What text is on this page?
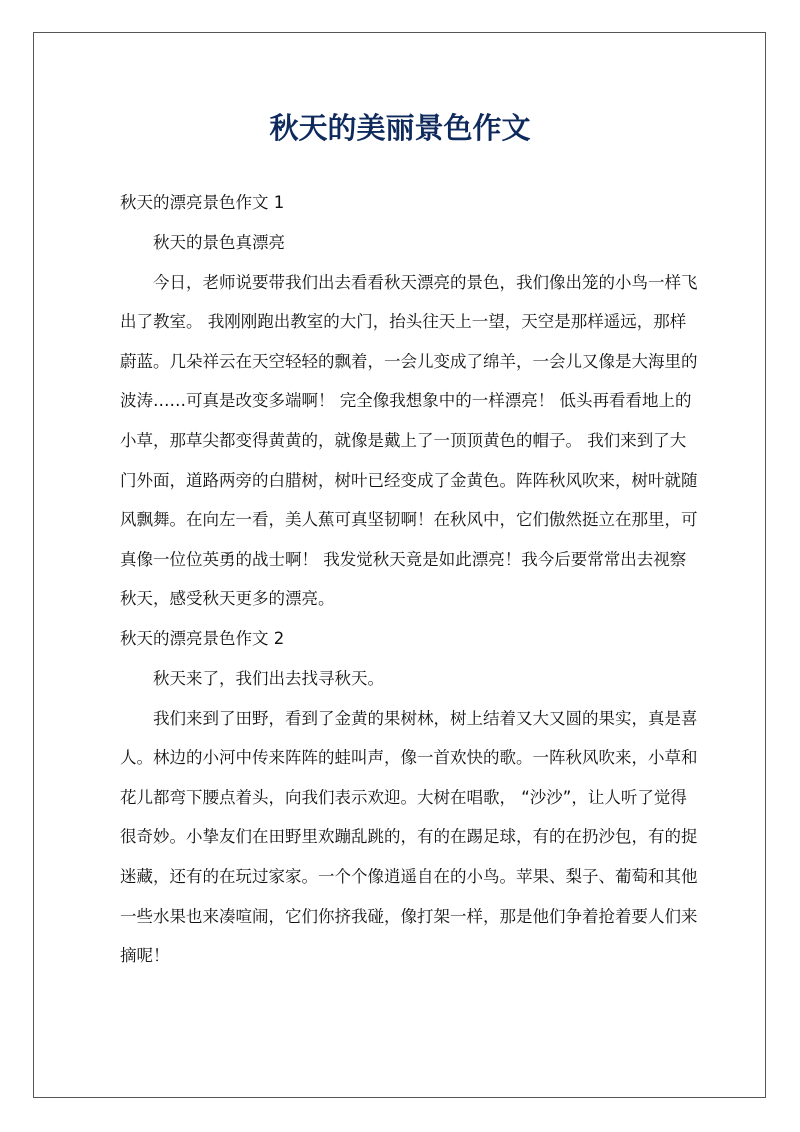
秋天的美丽景色作文

秋天的漂亮景色作文 1

秋天的景色真漂亮
今日，老师说要带我们出去看看秋天漂亮的景色，我们像出笼的小鸟一样飞
出了教室。 我刚刚跑出教室的大门，抬头往天上一望，天空是那样遥远，那样
蔚蓝。几朵祥云在天空轻轻的飘着，一会儿变成了绵羊，一会儿又像是大海里的
波涛……可真是改变多端啊！ 完全像我想象中的一样漂亮！ 低头再看看地上的
小草，那草尖都变得黄黄的，就像是戴上了一顶顶黄色的帽子。 我们来到了大
门外面，道路两旁的白腊树，树叶已经变成了金黄色。阵阵秋风吹来，树叶就随
风飘舞。在向左一看，美人蕉可真坚韧啊！在秋风中，它们傲然挺立在那里，可
真像一位位英勇的战士啊！ 我发觉秋天竟是如此漂亮！我今后要常常出去视察
秋天，感受秋天更多的漂亮。

秋天的漂亮景色作文 2

秋天来了，我们出去找寻秋天。
我们来到了田野，看到了金黄的果树林，树上结着又大又圆的果实，真是喜
人。林边的小河中传来阵阵的蛙叫声，像一首欢快的歌。一阵秋风吹来，小草和
花儿都弯下腰点着头，向我们表示欢迎。大树在唱歌， “沙沙”，让人听了觉得
很奇妙。小挚友们在田野里欢蹦乱跳的，有的在踢足球，有的在扔沙包，有的捉
迷藏，还有的在玩过家家。一个个像逍遥自在的小鸟。苹果、梨子、葡萄和其他
一些水果也来凑喧闹，它们你挤我碰，像打架一样，那是他们争着抢着要人们来
摘呢！
